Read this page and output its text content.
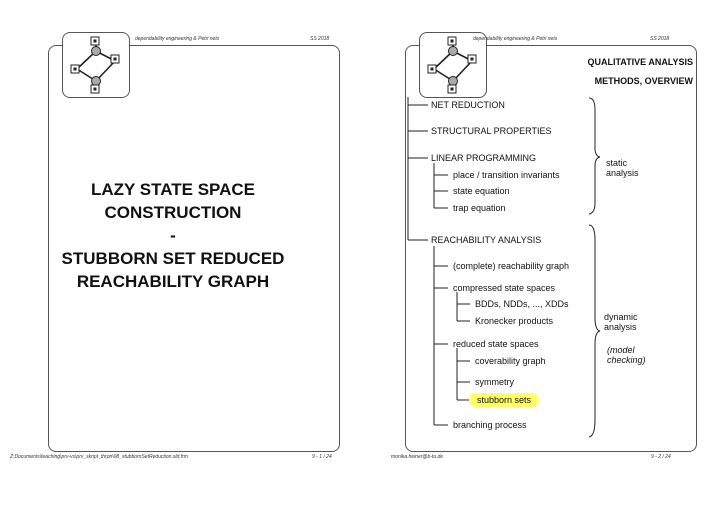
dependability engineering & Petri nets	SS 2018
LAZY STATE SPACE
CONSTRUCTION
-
STUBBORN SET REDUCED
REACHABILITY GRAPH
Z:Documents\teaching\prv-vs\prv_skript_thrpn\08_stubbornSetReduction.sld.frm	9 - 1 / 24
dependability engineering & Petri nets	SS 2018
QUALITATIVE ANALYSIS
METHODS, OVERVIEW
NET REDUCTION
STRUCTURAL PROPERTIES
LINEAR PROGRAMMING
place / transition invariants
state equation
trap equation
REACHABILITY ANALYSIS
(complete) reachability graph
compressed state spaces
BDDs, NDDs, ..., XDDs
Kronecker products
reduced state spaces
coverability graph
symmetry
stubborn sets
branching process
static
analysis
dynamic
analysis
(model
checking)
monika.heiner@b-tu.de	9 - 2 / 24
